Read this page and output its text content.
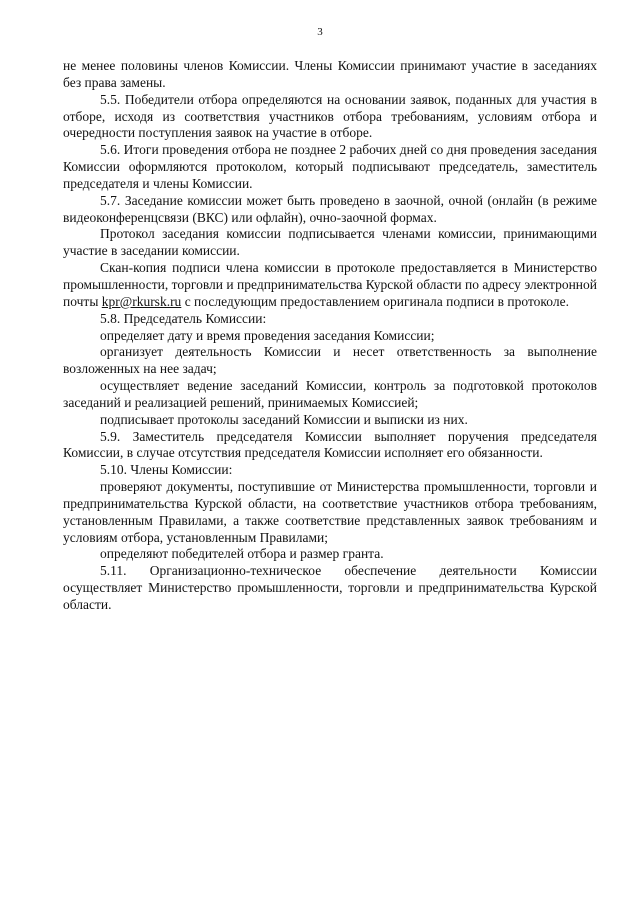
3

не менее половины членов Комиссии. Члены Комиссии принимают участие в заседаниях без права замены.

5.5. Победители отбора определяются на основании заявок, поданных для участия в отборе, исходя из соответствия участников отбора требованиям, условиям отбора и очередности поступления заявок на участие в отборе.

5.6. Итоги проведения отбора не позднее 2 рабочих дней со дня проведения заседания Комиссии оформляются протоколом, который подписывают председатель, заместитель председателя и члены Комиссии.

5.7. Заседание комиссии может быть проведено в заочной, очной (онлайн (в режиме видеоконференцсвязи (ВКС) или офлайн), очно-заочной формах.

Протокол заседания комиссии подписывается членами комиссии, принимающими участие в заседании комиссии.

Скан-копия подписи члена комиссии в протоколе предоставляется в Министерство промышленности, торговли и предпринимательства Курской области по адресу электронной почты kpr@rkursk.ru с последующим предоставлением оригинала подписи в протоколе.

5.8. Председатель Комиссии:

определяет дату и время проведения заседания Комиссии;

организует деятельность Комиссии и несет ответственность за выполнение возложенных на нее задач;

осуществляет ведение заседаний Комиссии, контроль за подготовкой протоколов заседаний и реализацией решений, принимаемых Комиссией;

подписывает протоколы заседаний Комиссии и выписки из них.

5.9. Заместитель председателя Комиссии выполняет поручения председателя Комиссии, в случае отсутствия председателя Комиссии исполняет его обязанности.

5.10. Члены Комиссии:

проверяют документы, поступившие от Министерства промышленности, торговли и предпринимательства Курской области, на соответствие участников отбора требованиям, установленным Правилами, а также соответствие представленных заявок требованиям и условиям отбора, установленным Правилами;

определяют победителей отбора и размер гранта.

5.11. Организационно-техническое обеспечение деятельности Комиссии осуществляет Министерство промышленности, торговли и предпринимательства Курской области.
